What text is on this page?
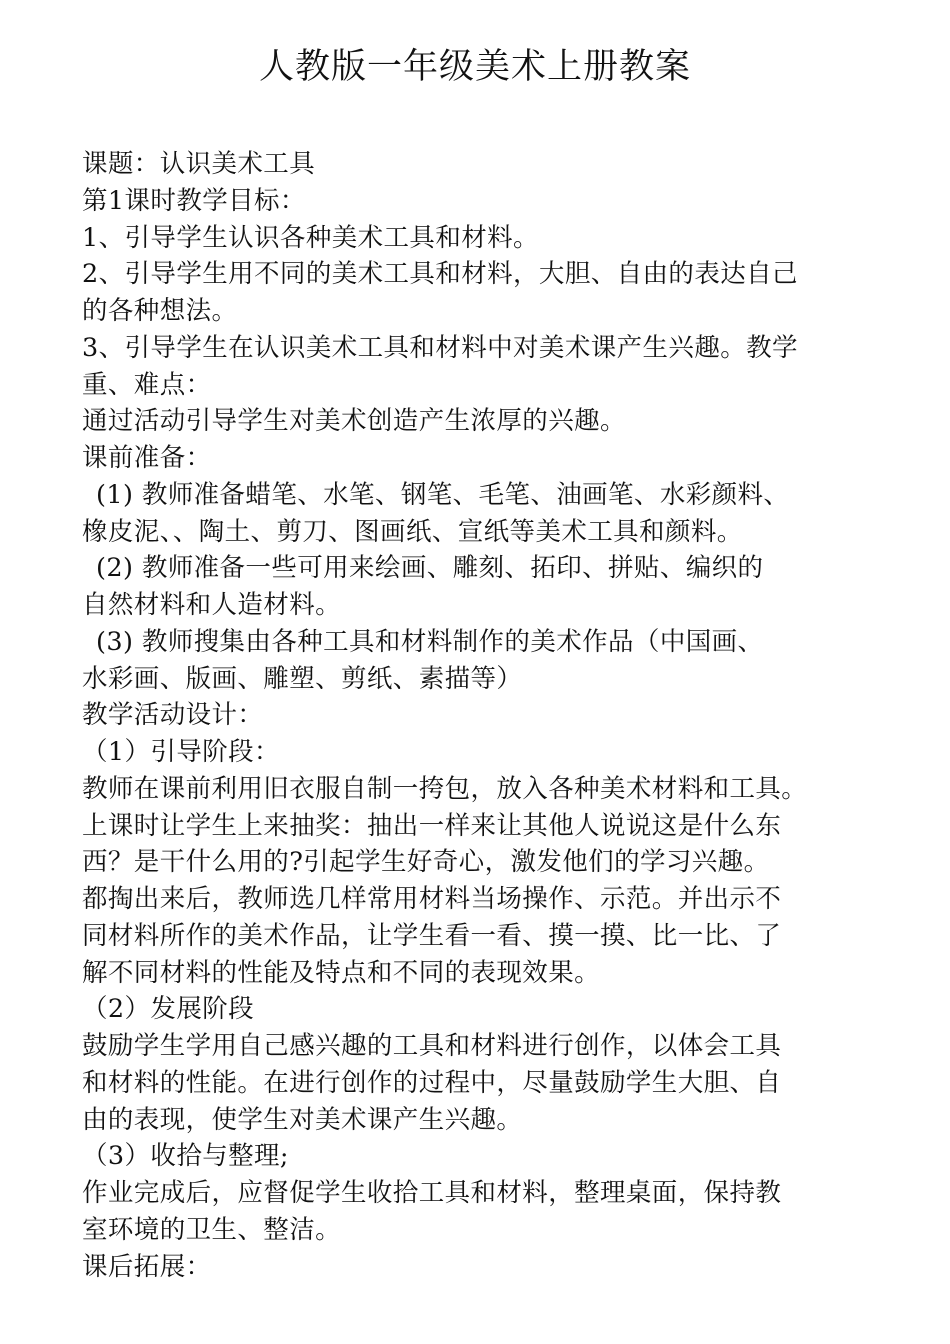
人教版一年级美术上册教案
课题：认识美术工具
第1课时教学目标：
1、引导学生认识各种美术工具和材料。
2、引导学生用不同的美术工具和材料，大胆、自由的表达自己
的各种想法。
3、引导学生在认识美术工具和材料中对美术课产生兴趣。教学
重、难点：
通过活动引导学生对美术创造产生浓厚的兴趣。
课前准备：
(1) 教师准备蜡笔、水笔、钢笔、毛笔、油画笔、水彩颜料、
橡皮泥、、陶土、剪刀、图画纸、宣纸等美术工具和颜料。
(2) 教师准备一些可用来绘画、雕刻、拓印、拼贴、编织的
自然材料和人造材料。
(3) 教师搜集由各种工具和材料制作的美术作品（中国画、
水彩画、版画、雕塑、剪纸、素描等）
教学活动设计：
（1）引导阶段：
教师在课前利用旧衣服自制一挎包，放入各种美术材料和工具。
上课时让学生上来抽奖：抽出一样来让其他人说说这是什么东
西？是干什么用的?引起学生好奇心，激发他们的学习兴趣。
都掏出来后，教师选几样常用材料当场操作、示范。并出示不
同材料所作的美术作品，让学生看一看、摸一摸、比一比、了
解不同材料的性能及特点和不同的表现效果。
（2）发展阶段
鼓励学生学用自己感兴趣的工具和材料进行创作，以体会工具
和材料的性能。在进行创作的过程中，尽量鼓励学生大胆、自
由的表现，使学生对美术课产生兴趣。
（3）收拾与整理;
作业完成后，应督促学生收拾工具和材料，整理桌面，保持教
室环境的卫生、整洁。
课后拓展：
